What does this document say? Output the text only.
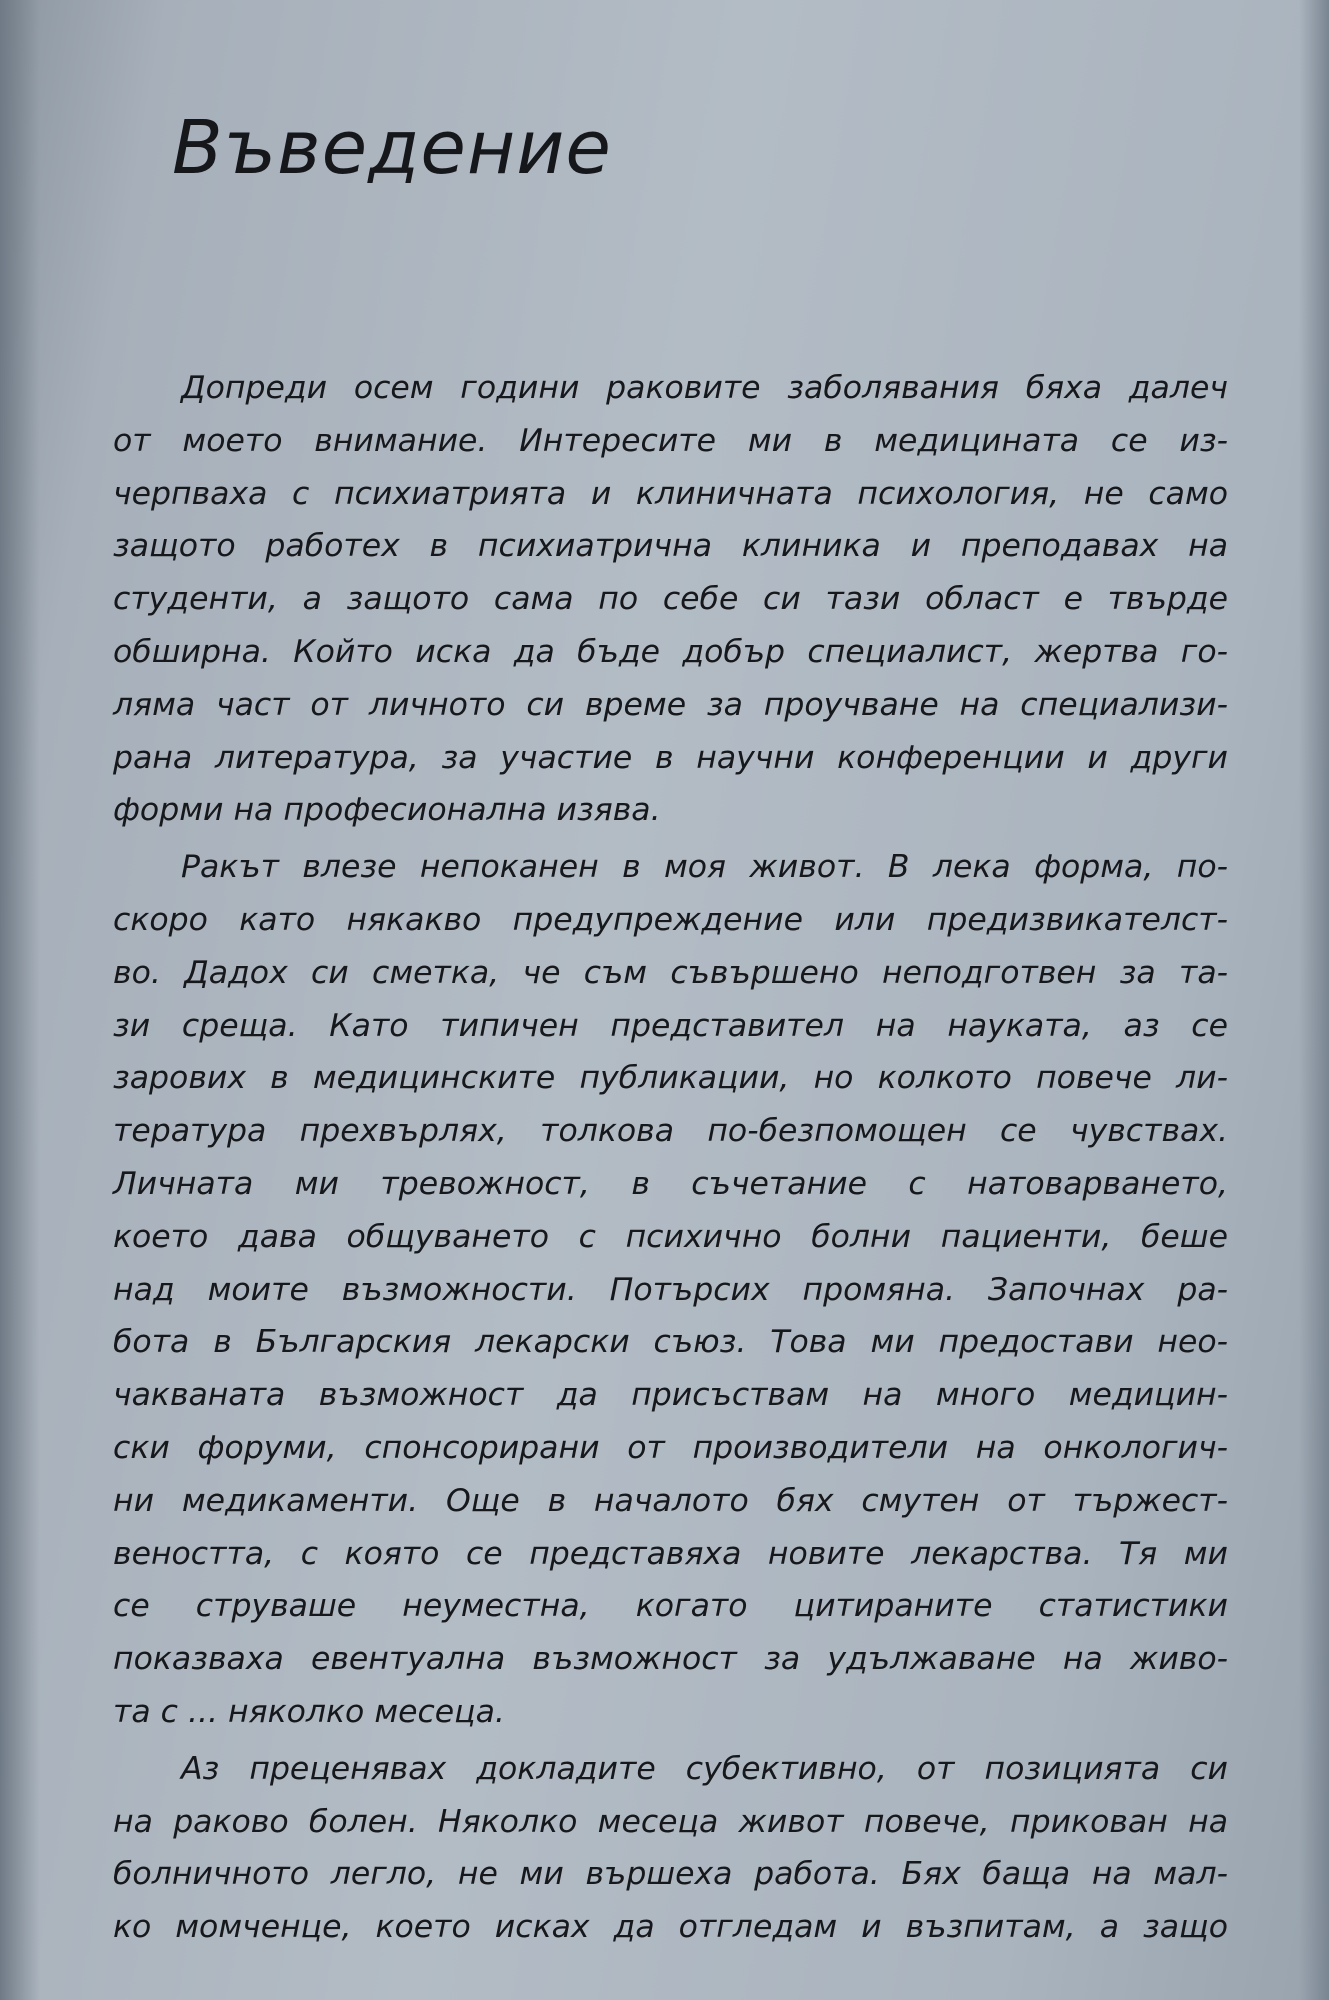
Въведение
Допреди осем години раковите заболявания бяха далеч
от моето внимание. Интересите ми в медицината се из-
черпваха с психиатрията и клиничната психология, не само
защото работех в психиатрична клиника и преподавах на
студенти, а защото сама по себе си тази област е твърде
обширна. Който иска да бъде добър специалист, жертва го-
ляма част от личното си време за проучване на специализи-
рана литература, за участие в научни конференции и други
форми на професионална изява.
Ракът влезе непоканен в моя живот. В лека форма, по-
скоро като някакво предупреждение или предизвикателст-
во. Дадох си сметка, че съм съвършено неподготвен за та-
зи среща. Като типичен представител на науката, аз се
зарових в медицинските публикации, но колкото повече ли-
тература прехвърлях, толкова по-безпомощен се чувствах.
Личната ми тревожност, в съчетание с натоварването,
което дава общуването с психично болни пациенти, беше
над моите възможности. Потърсих промяна. Започнах ра-
бота в Българския лекарски съюз. Това ми предостави нео-
чакваната възможност да присъствам на много медицин-
ски форуми, спонсорирани от производители на онкологич-
ни медикаменти. Още в началото бях смутен от тържест-
веността, с която се представяха новите лекарства. Тя ми
се струваше неуместна, когато цитираните статистики
показваха евентуална възможност за удължаване на живо-
та с ... няколко месеца.
Аз преценявах докладите субективно, от позицията си
на раково болен. Няколко месеца живот повече, прикован на
болничното легло, не ми вършеха работа. Бях баща на мал-
ко момченце, което исках да отгледам и възпитам, а защо
